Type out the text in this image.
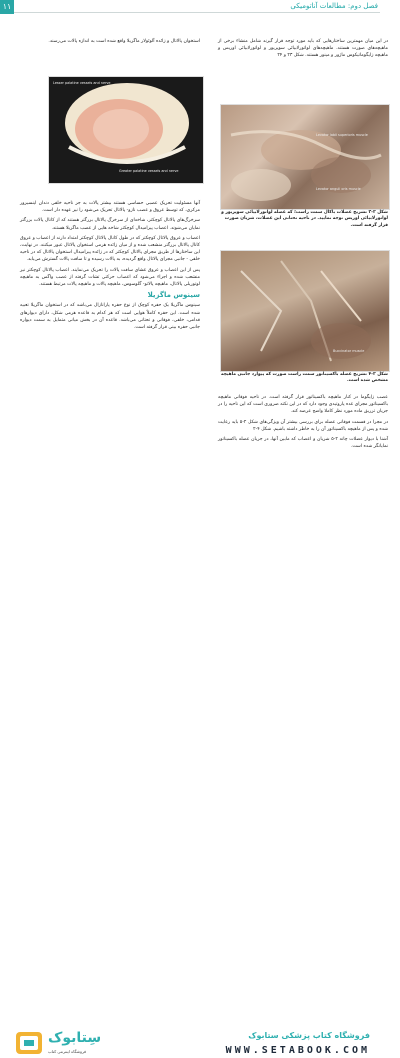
۱۱	فصل دوم: مطالعات آناتومیکی

در این میان مهمترین ساختارهایی که باید مورد توجه قرار گیرند شامل منشاء برخی از ماهیچه‌های صورت هستند. ماهیچه‌های لواتورلابیائی سوپریور و لواتورلابیائی اوریس و ماهیچه زایگوماتیکوس ماژور و مینور هستند. شکل ۲۳ و ۲۴

Levator labii superioris muscle
Levator anguli oris muscle
شکل ۲-۳ تشریح عضلات باکال سمت راست؛ که عضله لواتورلابیائی سوپریور و لواتورلابیائی اوریس توجه نمایید. در ناحیه تحتانی این عضلات، شریان صورت قرار گرفته است.
Buccinator muscle
شکل ۲-۴ تشریح عضله باکسیناتور سمت راست صورت که پیوارد جانبی ماهیچه مشخص شده است.

عصب زایگوما در کنار ماهیچه باکسیناتور قرار گرفته است. در ناحیه فوقانی ماهیچه باکسیناتور مجرای غده پاروتیدی وجود دارد که در این نکته ضروری است که این ناحیه را در جریان تزریق ماده مورد نظر کاملا واضح عرضه کند.

در مجرا در قسمت فوقانی عضله برای بررسی بیشتر آن ویژگی‌های شکل ۲-۵ باید رعایت شده و پس از ماهیچه باکسیناتور آن را به خاطر داشته باشیم. شکل ۴-۲

آشنا با دیوار عضلات چانه ۲-۵ شریان و اعصاب که مابین آنها، در جریان عضله باکسیناتور نمایانگر شده است.

استخوان پالاتال و زائده آلوئولار ماگزیلا واقع شده است به اندازه پالات می‌رسند.

Lesser palatine vessels and nerve
Greater palatine vessels and nerve

آنها مسئولیت تحریک عصبی حساسی هستند بیشتر پالات به جز ناحیه خلفی دندان اینسیزور مرکزی، که توسط عروق و عصب نازو- پالاتال تحریک می‌شود را نیز عهده دار است.

سرخرگ‌های پالاتال کوچکتر، شاخه‌ای از سرخرگ پالاتال بزرگتر هستند که از کانال پالات بزرگتر نمایان می‌شوند. اعصاب پیرامیدال کوچکتر شاخه هایی از عصب ماگزیلا هستند.

اعصاب و عروق پالاتال کوچکتر که در طول کانال پالاتال کوچکتر امتداد دارند از اعصاب و عروق کانال پالاتال بزرگتر منشعب شده و از میان زائده هرمی استخوان پالاتال عبور میکنند. در نهایت، این ساختارها از طریق مجرای پالاتال کوچکتر که در زائده پیرامیدال استخوان پالاتال که در ناحیه خلفی - جانبی مجرای پالاتال واقع گردیده، به پالات رسیده و تا سافت پالات گسترش می‌یابد.

پس از این اعصاب و عروق غشای سافت پالات را تحریک می‌نمایند. اعصاب پالاتال کوچکتر نیز منشعب شده و اجزاء می‌شود که اعصاب حرکتی تشات گرفته از عصب واگس به ماهیچه لوتوریلی پالاتال، ماهیچه پالاتو- گلوسوس، ماهیچه پالات و ماهیچه پالات مرتبط هستند.

سینوس ماگزیلا

سینوس ماگزیلا یک حفره کوچک از نوع حفره پارانازال می‌باشد که در استخوان ماگزیلا تعبیه شده است. این حفره کاملاً هوایی است که هر کدام به قاعده هرمی شکل، دارای دیوارهای قدامی، خلفی، فوقانی و تحتانی می‌باشد. قاعده آن در بخش میانی متمایل به سمت دیواره جانبی حفره بینی قرار گرفته است.

سِتابوک
فروشگاه اینترنتی کتاب
فروشگاه کتاب پزشکی ستابوک
WWW.SETABOOK.COM
